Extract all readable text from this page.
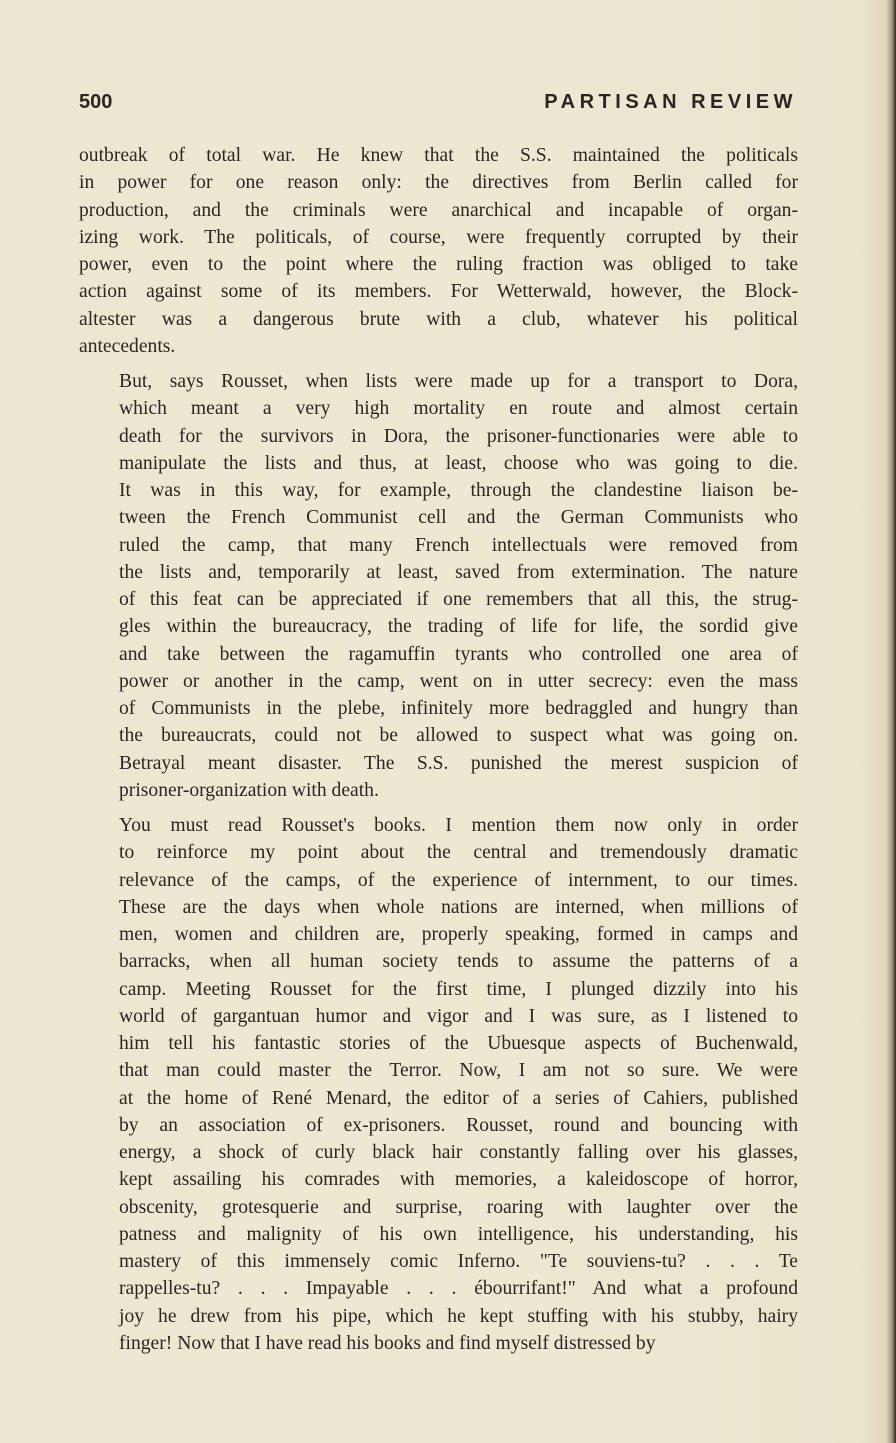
500	PARTISAN REVIEW

outbreak of total war. He knew that the S.S. maintained the politicals
in power for one reason only: the directives from Berlin called for
production, and the criminals were anarchical and incapable of organ-
izing work. The politicals, of course, were frequently corrupted by their
power, even to the point where the ruling fraction was obliged to take
action against some of its members. For Wetterwald, however, the Block-
altester was a dangerous brute with a club, whatever his political
antecedents.

But, says Rousset, when lists were made up for a transport to Dora,
which meant a very high mortality en route and almost certain
death for the survivors in Dora, the prisoner-functionaries were able to
manipulate the lists and thus, at least, choose who was going to die.
It was in this way, for example, through the clandestine liaison be-
tween the French Communist cell and the German Communists who
ruled the camp, that many French intellectuals were removed from
the lists and, temporarily at least, saved from extermination. The nature
of this feat can be appreciated if one remembers that all this, the strug-
gles within the bureaucracy, the trading of life for life, the sordid give
and take between the ragamuffin tyrants who controlled one area of
power or another in the camp, went on in utter secrecy: even the mass
of Communists in the plebe, infinitely more bedraggled and hungry than
the bureaucrats, could not be allowed to suspect what was going on.
Betrayal meant disaster. The S.S. punished the merest suspicion of
prisoner-organization with death.

You must read Rousset's books. I mention them now only in order
to reinforce my point about the central and tremendously dramatic
relevance of the camps, of the experience of internment, to our times.
These are the days when whole nations are interned, when millions of
men, women and children are, properly speaking, formed in camps and
barracks, when all human society tends to assume the patterns of a
camp. Meeting Rousset for the first time, I plunged dizzily into his
world of gargantuan humor and vigor and I was sure, as I listened to
him tell his fantastic stories of the Ubuesque aspects of Buchenwald,
that man could master the Terror. Now, I am not so sure. We were
at the home of René Menard, the editor of a series of Cahiers, published
by an association of ex-prisoners. Rousset, round and bouncing with
energy, a shock of curly black hair constantly falling over his glasses,
kept assailing his comrades with memories, a kaleidoscope of horror,
obscenity, grotesquerie and surprise, roaring with laughter over the
patness and malignity of his own intelligence, his understanding, his
mastery of this immensely comic Inferno. "Te souviens-tu? . . . Te
rappelles-tu? . . . Impayable . . . ébourrifant!" And what a profound
joy he drew from his pipe, which he kept stuffing with his stubby, hairy
finger! Now that I have read his books and find myself distressed by
